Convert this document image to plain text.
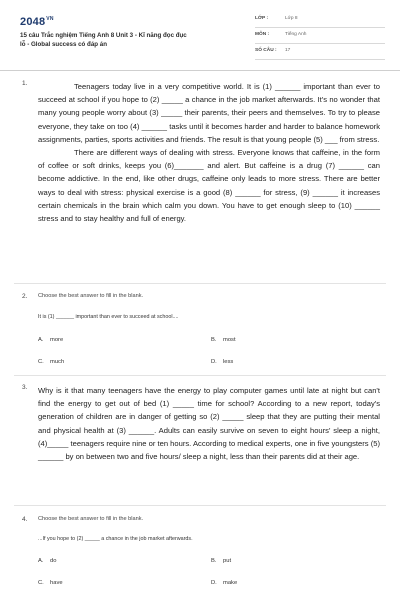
$2048^{VN}$
15 câu Trắc nghiệm Tiếng Anh 8 Unit 3 - Kĩ năng đọc đục
lỗ - Global success có đáp án
LỚP :	Lớp 8
MÔN :	Tiếng Anh
SỐ CÂU : 17
1.	Teenagers today live in a very competitive world. It is (1) ______ important than ever to succeed at school if you hope to (2) _____ a chance in the job market afterwards. It's no wonder that many young people worry about (3) _____ their parents, their peers and themselves. To try to please everyone, they take on too (4) ______ tasks until it becomes harder and harder to balance homework assignments, parties, sports activities and friends. The result is that young people (5) ___ from stress.

There are different ways of dealing with stress. Everyone knows that caffeine, in the form of coffee or soft drinks, keeps you (6)_______ and alert. But caffeine is a drug (7) ______ can become addictive. In the end, like other drugs, caffeine only leads to more stress. There are better ways to deal with stress: physical exercise is a good (8) ______ for stress, (9) ______ it increases certain chemicals in the brain which calm you down. You have to get enough sleep to (10) ______ stress and to stay healthy and full of energy.

2. Choose the best answer to fill in the blank.
It is (1) ______ important than ever to succeed at school....
A. more	B. most
C. much	D. less
3. Why is it that many teenagers have the energy to play computer games until late at night but can't find the energy to get out of bed (1) _____ time for school? According to a new report, today's generation of children are in danger of getting so (2) _____ sleep that they are putting their mental and physical health at (3) ______. Adults can easily survive on seven to eight hours' sleep a night, (4)_____ teenagers require nine or ten hours. According to medical experts, one in five youngsters (5) ______ by on between two and five hours/ sleep a night, less than their parents did at their age.

4. Choose the best answer to fill in the blank.
...If you hope to (2) _____ a chance in the job market afterwards.
A. do	B. put
C. have	D. make
